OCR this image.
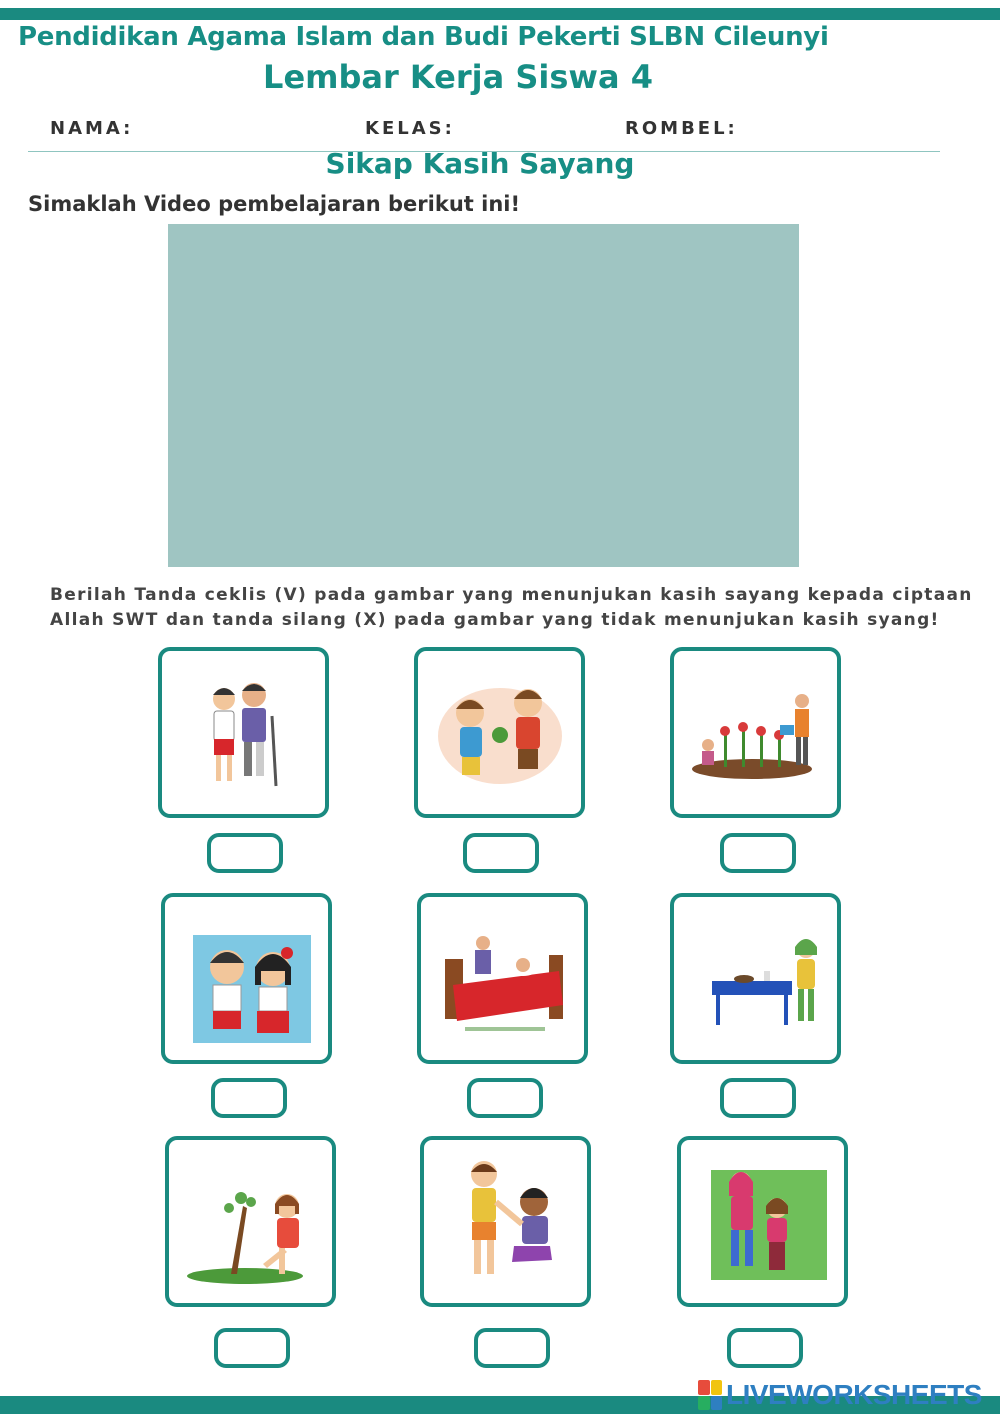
Pendidikan Agama Islam dan Budi Pekerti SLBN Cileunyi
Lembar Kerja Siswa 4
NAMA:	KELAS:	ROMBEL:
Sikap Kasih Sayang
Simaklah Video pembelajaran berikut ini!
Berilah Tanda ceklis (V) pada gambar yang menunjukan kasih sayang kepada ciptaan
Allah SWT dan tanda silang (X) pada gambar yang tidak menunjukan kasih syang!
LIVEWORKSHEETS
